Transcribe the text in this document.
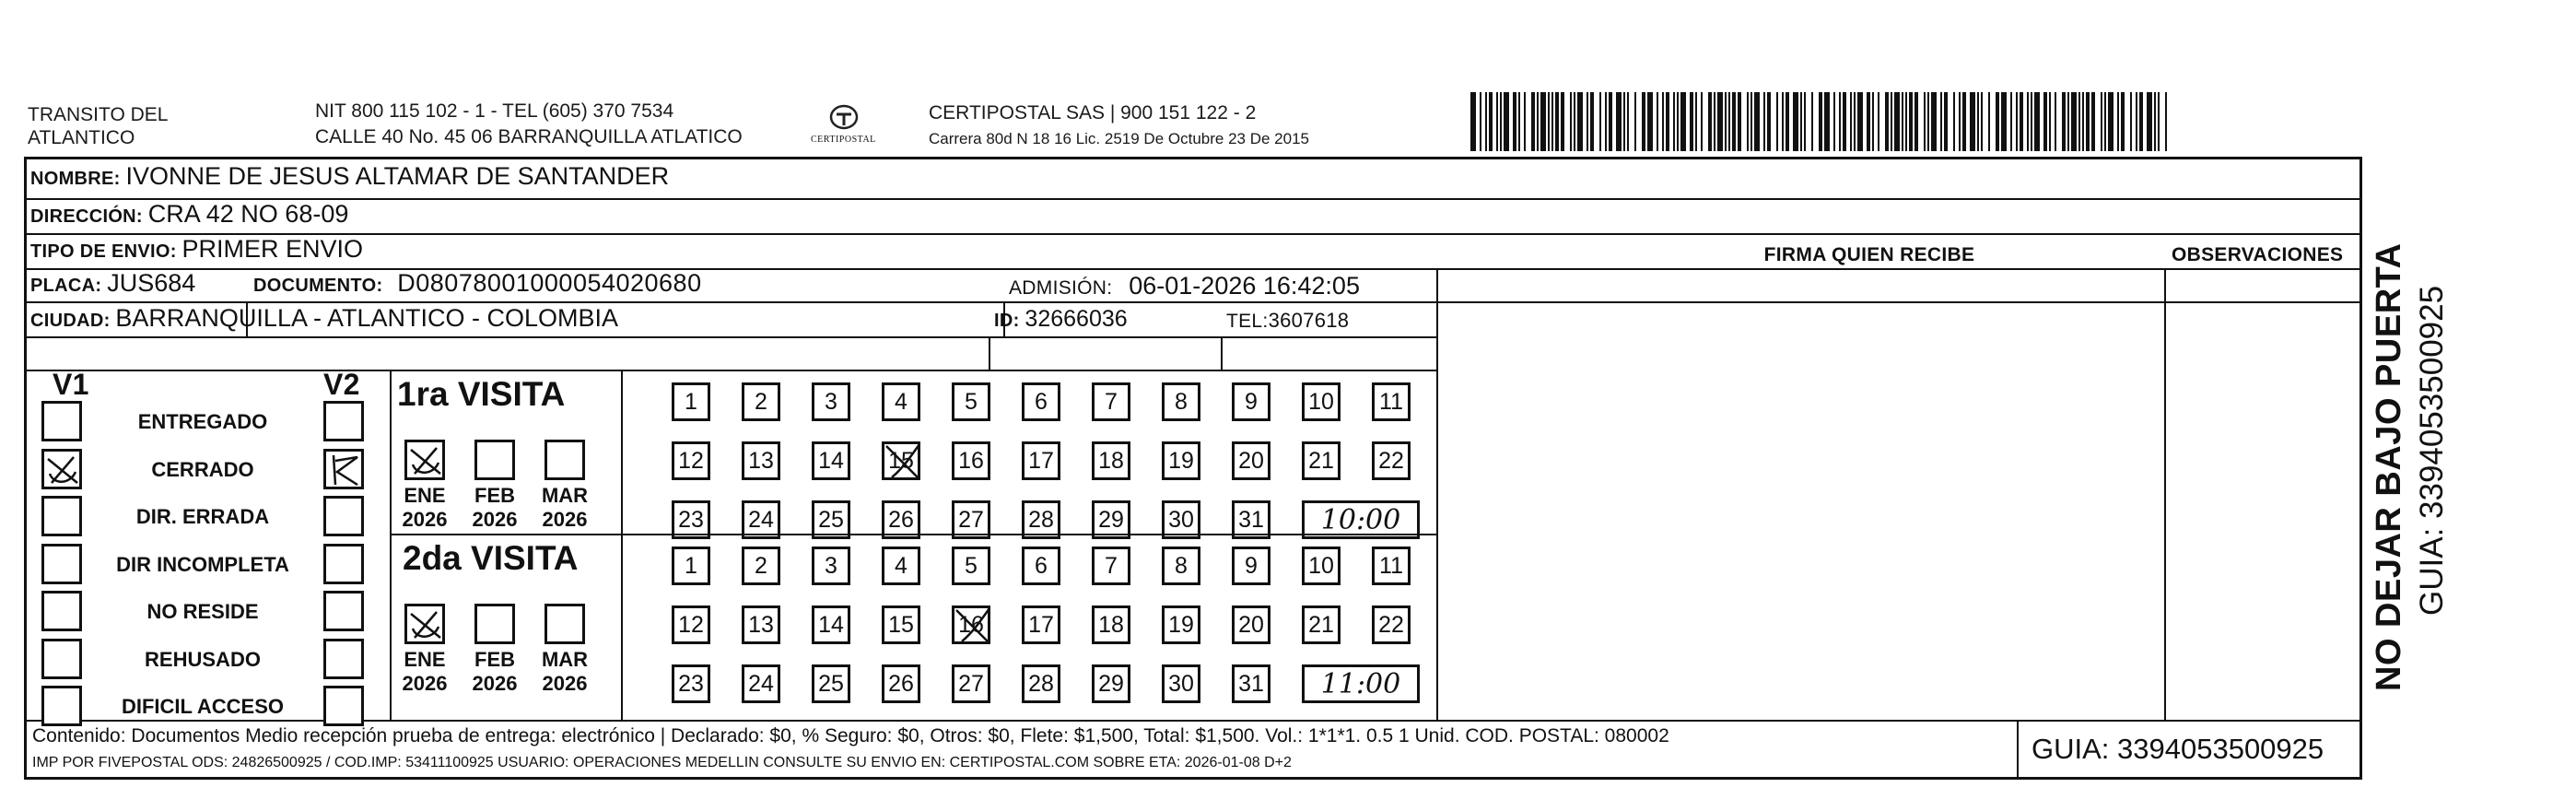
TRANSITO DEL
ATLANTICO
NIT 800 115 102 - 1 - TEL (605) 370 7534
CALLE 40 No. 45 06 BARRANQUILLA ATLATICO	CERTIPOSTAL
CERTIPOSTAL SAS | 900 151 122 - 2
Carrera 80d N 18 16 Lic. 2519 De Octubre 23 De 2015
NOMBRE: IVONNE DE JESUS ALTAMAR DE SANTANDER
DIRECCIÓN: CRA 42 NO 68-09
TIPO DE ENVIO: PRIMER ENVIO	FIRMA QUIEN RECIBE	OBSERVACIONES
PLACA: JUS684	DOCUMENTO: D08078001000054020680	ADMISIÓN: 06-01-2026 16:42:05
CIUDAD: BARRANQUILLA - ATLANTICO - COLOMBIA	ID: 32666036	TEL:3607618
V1	V2
ENTREGADO
CERRADO
DIR. ERRADA
DIR INCOMPLETA
NO RESIDE
REHUSADO
DIFICIL ACCESO
1ra VISITA
ENE
2026
FEB
2026
MAR
2026
1	2	3	4	5	6	7	8	9	10	11
12 13 14 15 16 17 18 19 20 21 22
23 24 25 26 27 28 29 30 31 10:00
2da VISITA
ENE
2026
FEB
2026
MAR
2026
1	2	3	4	5	6	7	8	9	10	11
12 13 14 15 16 17 18 19 20 21 22
23 24 25 26 27 28 29 30 31 11:00
Contenido: Documentos Medio recepción prueba de entrega: electrónico | Declarado: $0, % Seguro: $0, Otros: $0, Flete: $1,500, Total: $1,500. Vol.: 1*1*1. 0.5 1 Unid. COD. POSTAL: 080002
IMP POR FIVEPOSTAL ODS: 24826500925 / COD.IMP: 53411100925 USUARIO: OPERACIONES MEDELLIN CONSULTE SU ENVIO EN: CERTIPOSTAL.COM SOBRE ETA: 2026-01-08 D+2	GUIA: 3394053500925
NO DEJAR BAJO PUERTA GUIA: 3394053500925
